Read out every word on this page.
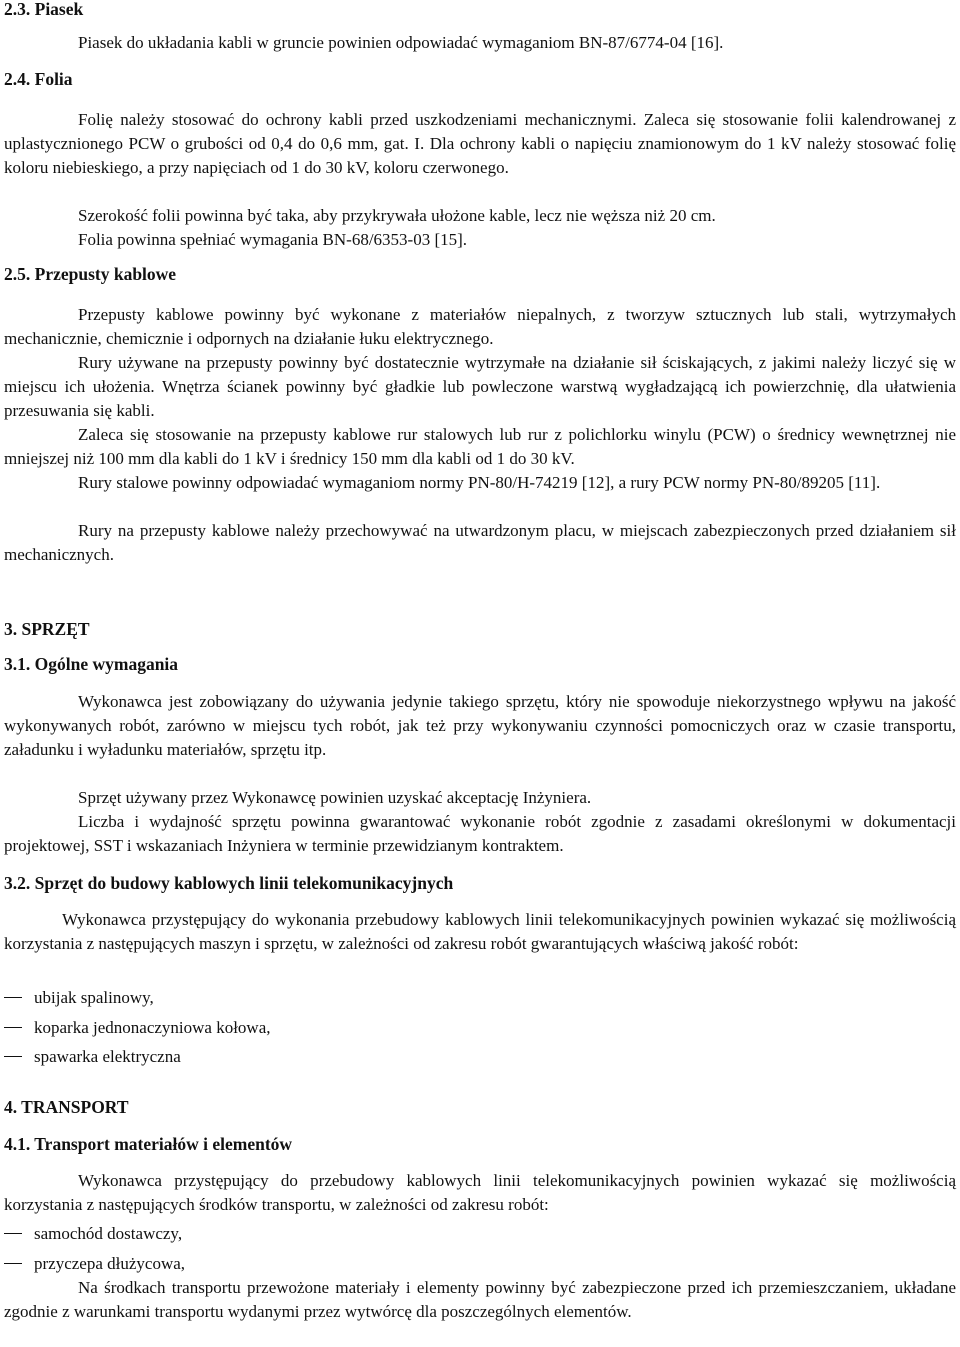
2.3. Piasek

Piasek do układania kabli w gruncie powinien odpowiadać wymaganiom BN-87/6774-04 [16].

2.4. Folia

Folię należy stosować do ochrony kabli przed uszkodzeniami mechanicznymi. Zaleca się stosowanie folii kalendrowanej z uplastycznionego PCW o grubości od 0,4 do 0,6 mm, gat. I. Dla ochrony kabli o napięciu znamionowym do 1 kV należy stosować folię koloru niebieskiego, a przy napięciach od 1 do 30 kV, koloru czerwonego.

Szerokość folii powinna być taka, aby przykrywała ułożone kable, lecz nie węższa niż 20 cm.

Folia powinna spełniać wymagania BN-68/6353-03 [15].

2.5. Przepusty kablowe

Przepusty kablowe powinny być wykonane z materiałów niepalnych, z tworzyw sztucznych lub stali, wytrzymałych mechanicznie, chemicznie i odpornych na działanie łuku elektrycznego.

Rury używane na przepusty powinny być dostatecznie wytrzymałe na działanie sił ściskających, z jakimi należy liczyć się w miejscu ich ułożenia. Wnętrza ścianek powinny być gładkie lub powleczone warstwą wygładzającą ich powierzchnię, dla ułatwienia przesuwania się kabli.

Zaleca się stosowanie na przepusty kablowe rur stalowych lub rur z polichlorku winylu (PCW) o średnicy wewnętrznej nie mniejszej niż 100 mm dla kabli do 1 kV i średnicy 150 mm dla kabli od 1 do 30 kV.

Rury stalowe powinny odpowiadać wymaganiom normy PN-80/H-74219 [12], a rury PCW normy PN-80/89205 [11].

Rury na przepusty kablowe należy przechowywać na utwardzonym placu, w miejscach zabezpieczonych przed działaniem sił mechanicznych.

3. SPRZĘT
3.1. Ogólne wymagania

Wykonawca jest zobowiązany do używania jedynie takiego sprzętu, który nie spowoduje niekorzystnego wpływu na jakość wykonywanych robót, zarówno w miejscu tych robót, jak też przy wykonywaniu czynności pomocniczych oraz w czasie transportu, załadunku i wyładunku materiałów, sprzętu itp.

Sprzęt używany przez Wykonawcę powinien uzyskać akceptację Inżyniera.

Liczba i wydajność sprzętu powinna gwarantować wykonanie robót zgodnie z zasadami określonymi w dokumentacji projektowej, SST i wskazaniach Inżyniera w terminie przewidzianym kontraktem.

3.2. Sprzęt do budowy kablowych linii telekomunikacyjnych

Wykonawca przystępujący do wykonania przebudowy kablowych linii telekomunikacyjnych powinien wykazać się możliwością korzystania z następujących maszyn i sprzętu, w zależności od zakresu robót gwarantujących właściwą jakość robót:

ubijak spalinowy,
koparka jednonaczyniowa kołowa,
spawarka elektryczna
4. TRANSPORT
4.1. Transport materiałów i elementów

Wykonawca przystępujący do przebudowy kablowych linii telekomunikacyjnych powinien wykazać się możliwością korzystania z następujących środków transportu, w zależności od zakresu robót:

samochód dostawczy,
przyczepa dłużycowa,

Na środkach transportu przewożone materiały i elementy powinny być zabezpieczone przed ich przemieszczaniem, układane zgodnie z warunkami transportu wydanymi przez wytwórcę dla poszczególnych elementów.
